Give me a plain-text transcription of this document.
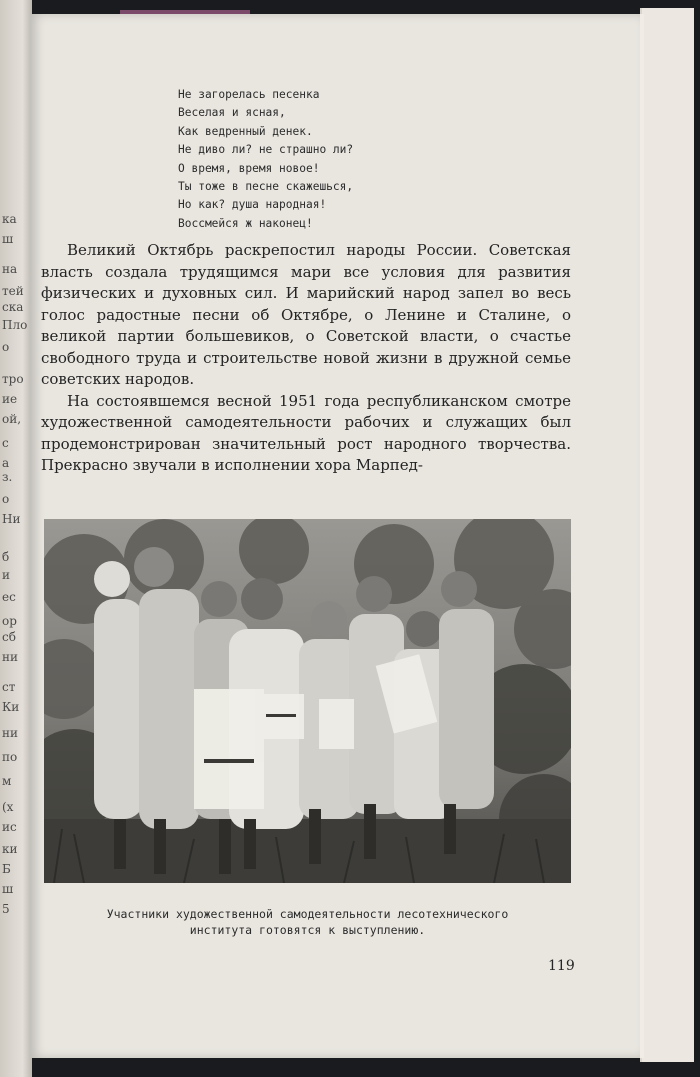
ка
ш
на
тей
ска
Пло
о
тро
ие
ой,
с
а
з.
о
Ни
б
и
ес
ор
сб
ни
ст
Ки
ни
по
м
(х
ис
ки
Б
ш
5
Не загорелась песенка
Веселая и ясная,
Как ведренный денек.
Не диво ли? не страшно ли?
О время, время новое!
Ты тоже в песне скажешься,
Но как? душа народная!
Воссмейся ж наконец!

Великий Октябрь раскрепостил народы России. Советская власть создала трудящимся мари все условия для развития физических и духовных сил. И марийский народ запел во весь голос радостные песни об Октябре, о Ленине и Сталине, о великой партии большевиков, о Советской власти, о счастье свободного труда и строительстве новой жизни в дружной семье советских народов.

На состоявшемся весной 1951 года республиканском смотре художественной самодеятельности рабочих и служащих был продемонстрирован значительный рост народного творчества. Прекрасно звучали в исполнении хора Марпед-

Участники художественной самодеятельности лесотехнического
института готовятся к выступлению.
119
